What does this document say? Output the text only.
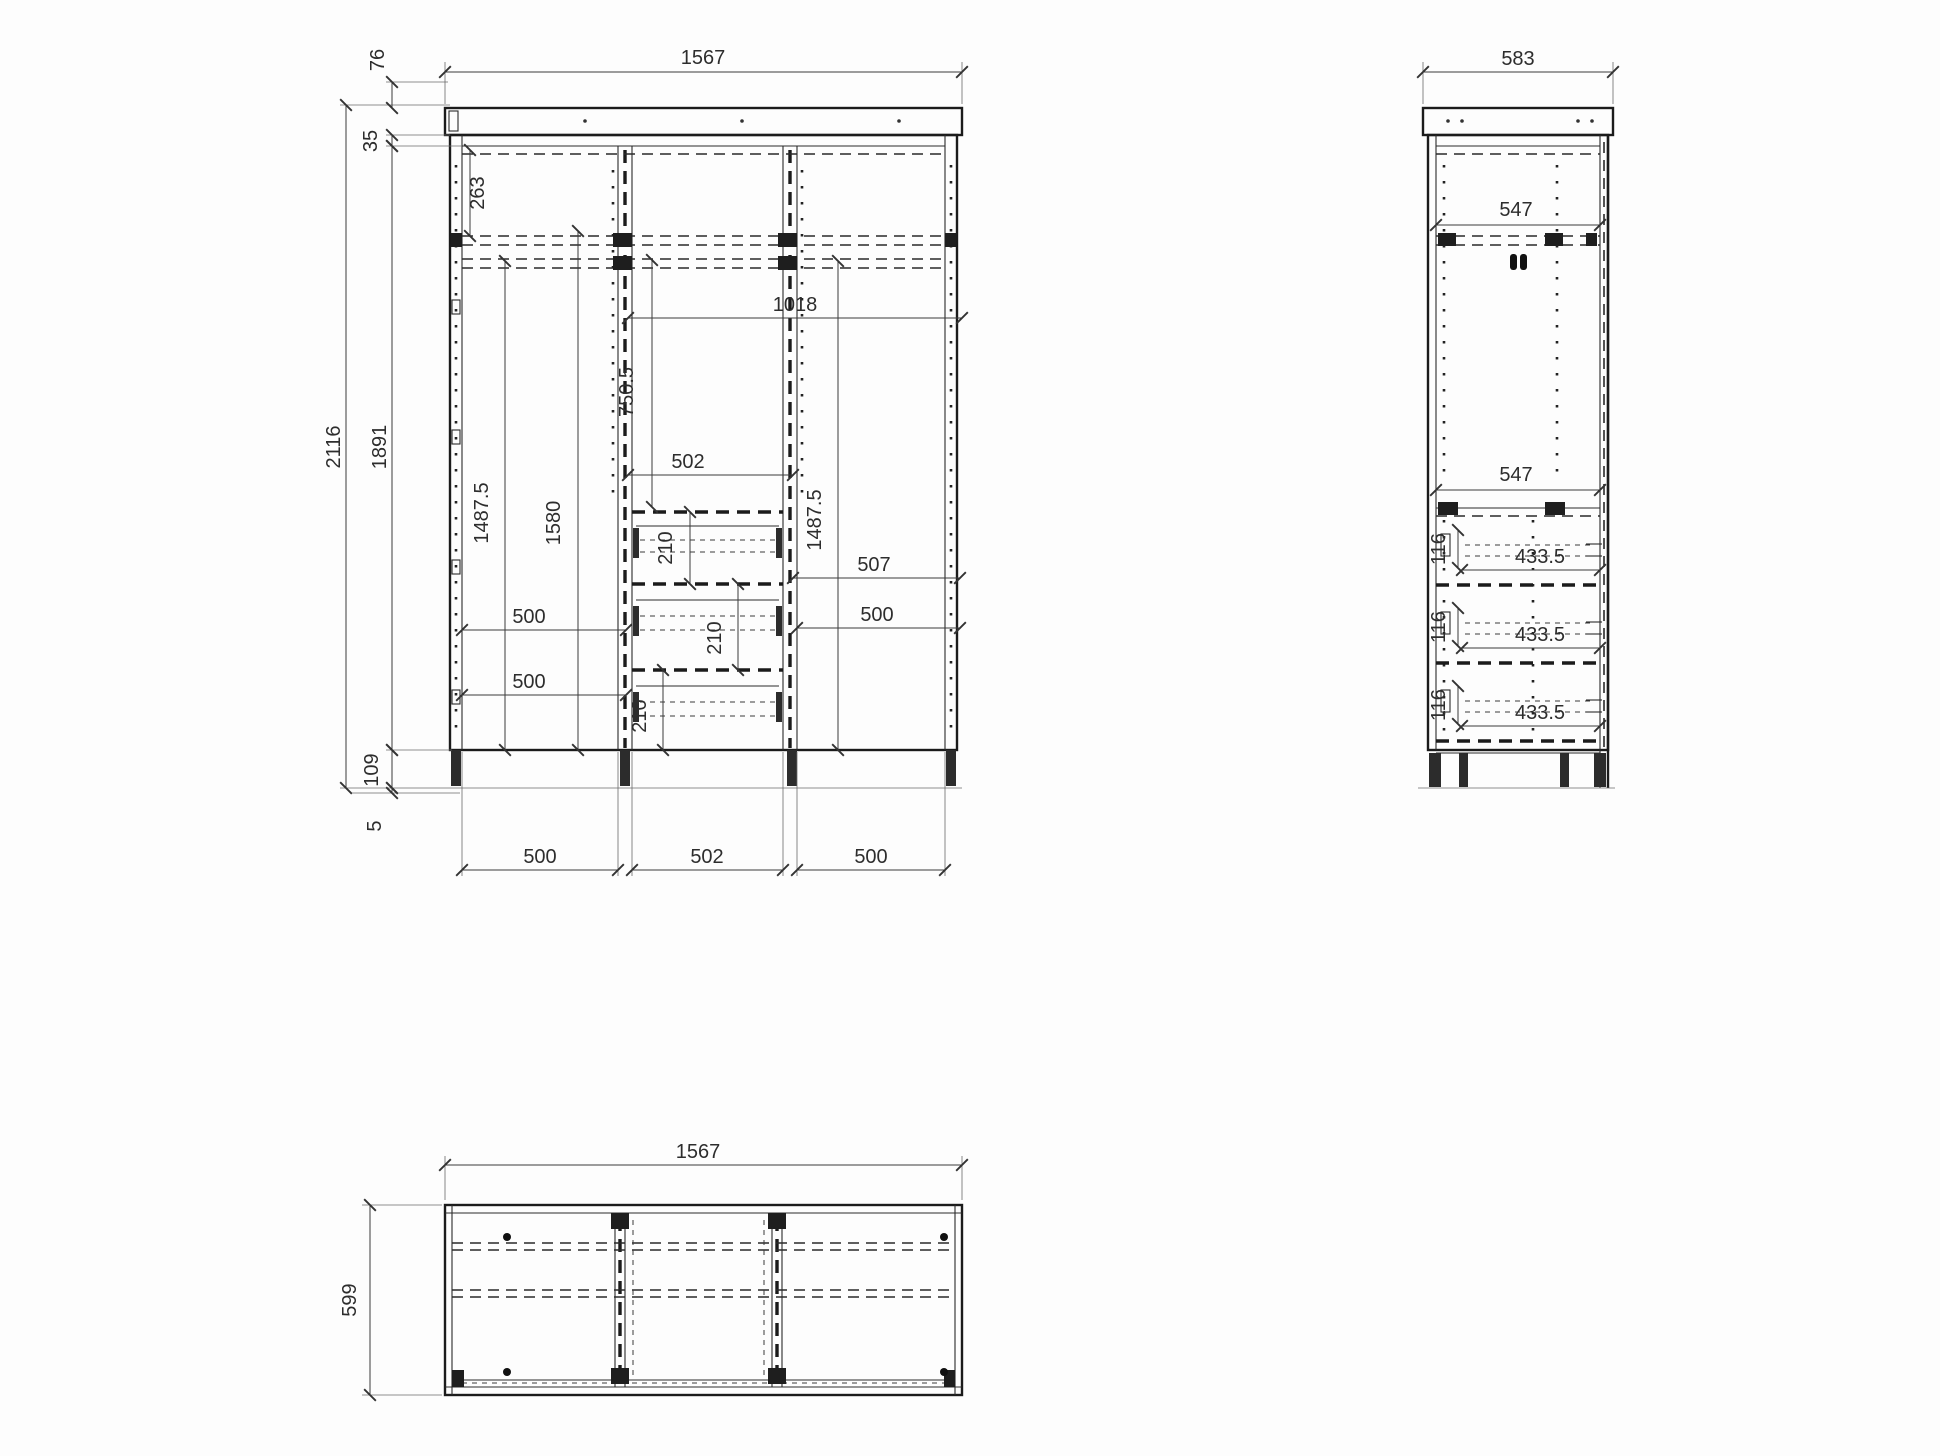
1567
2116
76
35
1891
109
5
263
1018
750.5
502
1487.5	1580	1487.5
507
500
500
500
210
210
210
500	502	500
583
547
547
116	433.5
116	433.5
116	433.5
1567
599
